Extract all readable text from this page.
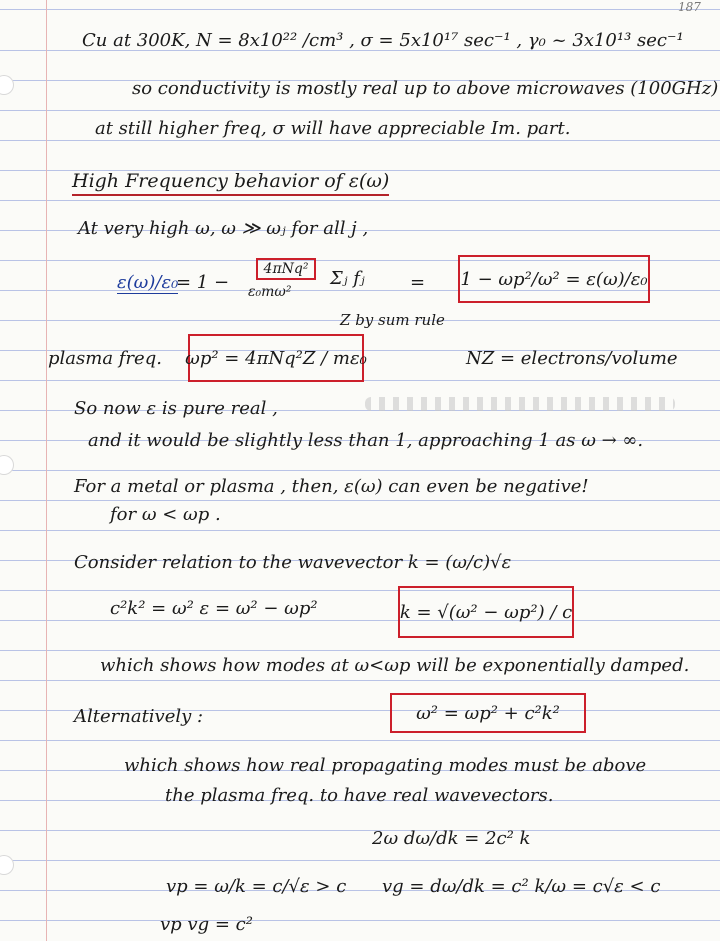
187
Cu at 300K, N = 8x10²² /cm³ , σ = 5x10¹⁷ sec⁻¹ , γ₀ ~ 3x10¹³ sec⁻¹
so conductivity is mostly real up to above microwaves (100GHz)
at still higher freq, σ will have appreciable Im. part.
High Frequency behavior of ε(ω)
At very high ω, ω ≫ ωⱼ for all j ,
ε(ω)/ε₀
= 1 −
4πNq²
ε₀mω²
Σⱼ fⱼ	=
Z by sum rule
1 − ωp²/ω² = ε(ω)/ε₀
plasma freq. ωp² = 4πNq²Z / mε₀	NZ = electrons/volume
So now ε is pure real ,
and it would be slightly less than 1, approaching 1 as ω → ∞.
For a metal or plasma , then, ε(ω) can even be negative!
for ω < ωp .
Consider relation to the wavevector k = (ω/c)√ε
c²k² = ω² ε = ω² − ωp²	k = √(ω² − ωp²) / c
which shows how modes at ω<ωp will be exponentially damped.
Alternatively :	ω² = ωp² + c²k²
which shows how real propagating modes must be above
the plasma freq. to have real wavevectors.
2ω dω/dk = 2c² k
vp = ω/k = c/√ε > c vg = dω/dk = c² k/ω = c√ε < c
vp vg = c²
